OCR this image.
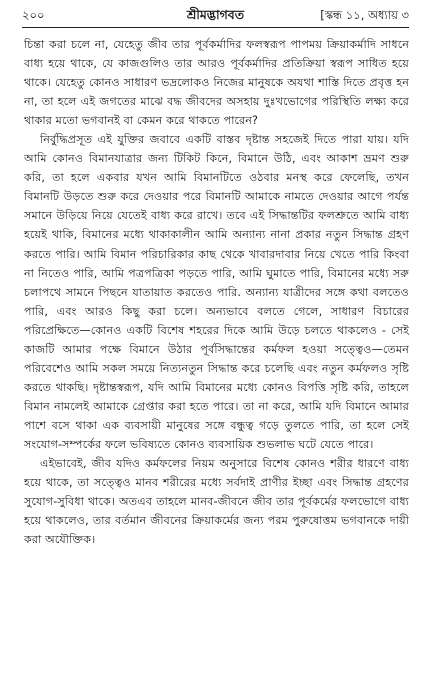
২০০	শ্রীমদ্ভাগবত	[স্কন্ধ ১১, অধ্যায় ৩

চিন্তা করা চলে না, যেহেতু জীব তার পূর্বকর্মাদির ফলস্বরূপ পাপময় ক্রিয়াকর্মাদি সাধনে বাধ্য হয়ে থাকে, যে কাজগুলিও তার আরও পূর্বকর্মাদির প্রতিক্রিয়া স্বরূপ সাধিত হয়ে থাকে। যেহেতু কোনও সাধারণ ভদ্রলোকও নিজের মানুষকে অযথা শাস্তি দিতে প্রবৃত্ত হন না, তা হলে এই জগতের মাঝে বদ্ধ জীবদের অসহায় দুঃখভোগের পরিস্থিতি লক্ষ্য করে থাকার মতো ভগবানই বা কেমন করে থাকতে পারেন?

নির্বুদ্ধিপ্রসূত এই যুক্তির জবাবে একটি বাস্তব দৃষ্টান্ত সহজেই দিতে পারা যায়। যদি আমি কোনও বিমানযাত্রার জন্য টিকিট কিনে, বিমানে উঠি, এবং আকাশ ভ্রমণ শুরু করি, তা হলে একবার যখন আমি বিমানটিতে ওঠবার মনস্থ করে ফেলেছি, তখন বিমানটি উড়তে শুরু করে দেওয়ার পরে বিমানটি আমাকে নামতে দেওয়ার আগে পর্যন্ত সমানে উড়িয়ে নিয়ে যেতেই বাধ্য করে রাখে। তবে এই সিদ্ধান্তটির ফলশ্রুতে আমি বাধ্য হয়েই থাকি, বিমানের মধ্যে থাকাকালীন আমি অন্যান্য নানা প্রকার নতুন সিদ্ধান্ত গ্রহণ করতে পারি। আমি বিমান পরিচারিকার কাছ থেকে খাবারদাবার নিয়ে খেতে পারি কিংবা না নিতেও পারি, আমি পত্রপত্রিকা পড়তে পারি, আমি ঘুমাতে পারি, বিমানের মধ্যে সরু চলাপথে সামনে পিছনে যাতায়াত করতেও পারি. অন্যান্য যাত্রীদের সঙ্গে কথা বলতেও পারি, এবং আরও কিছু করা চলে। অন্যভাবে বলতে গেলে, সাধারণ বিচারের পরিপ্রেক্ষিতে—কোনও একটি বিশেষ শহরের দিকে আমি উড়ে চলতে থাকলেও - সেই কাজটি আমার পক্ষে বিমানে উঠার পূর্বসিদ্ধান্তের কর্মফল হওয়া সত্ত্বেও—তেমন পরিবেশেও আমি সকল সময়ে নিত্যনতুন সিদ্ধান্ত করে চলেছি এবং নতুন কর্মফলও সৃষ্টি করতে থাকছি। দৃষ্টান্তস্বরূপ, যদি আমি বিমানের মধ্যে কোনও বিপত্তি সৃষ্টি করি, তাহলে বিমান নামলেই আমাকে গ্রেপ্তার করা হতে পারে। তা না করে, আমি যদি বিমানে আমার পাশে বসে থাকা এক ব্যবসায়ী মানুষের সঙ্গে বন্ধুত্ব গড়ে তুলতে পারি, তা হলে সেই সংযোগ-সম্পর্কের ফলে ভবিষ্যতে কোনও ব্যবসায়িক শুভলাভ ঘটে যেতে পারে।

এইভাবেই, জীব যদিও কর্মফলের নিয়ম অনুসারে বিশেষ কোনও শরীর ধারণে বাধ্য হয়ে থাকে, তা সত্ত্বেও মানব শরীরের মধ্যে সর্বদাই প্রাণীর ইচ্ছা এবং সিদ্ধান্ত গ্রহণের সুযোগ-সুবিধা থাকে। অতএব তাহলে মানব-জীবনে জীব তার পূর্বকর্মের ফলভোগে বাধ্য হয়ে থাকলেও, তার বর্তমান জীবনের ক্রিয়াকর্মের জন্য পরম পুরুষোত্তম ভগবানকে দায়ী করা অযৌক্তিক।
